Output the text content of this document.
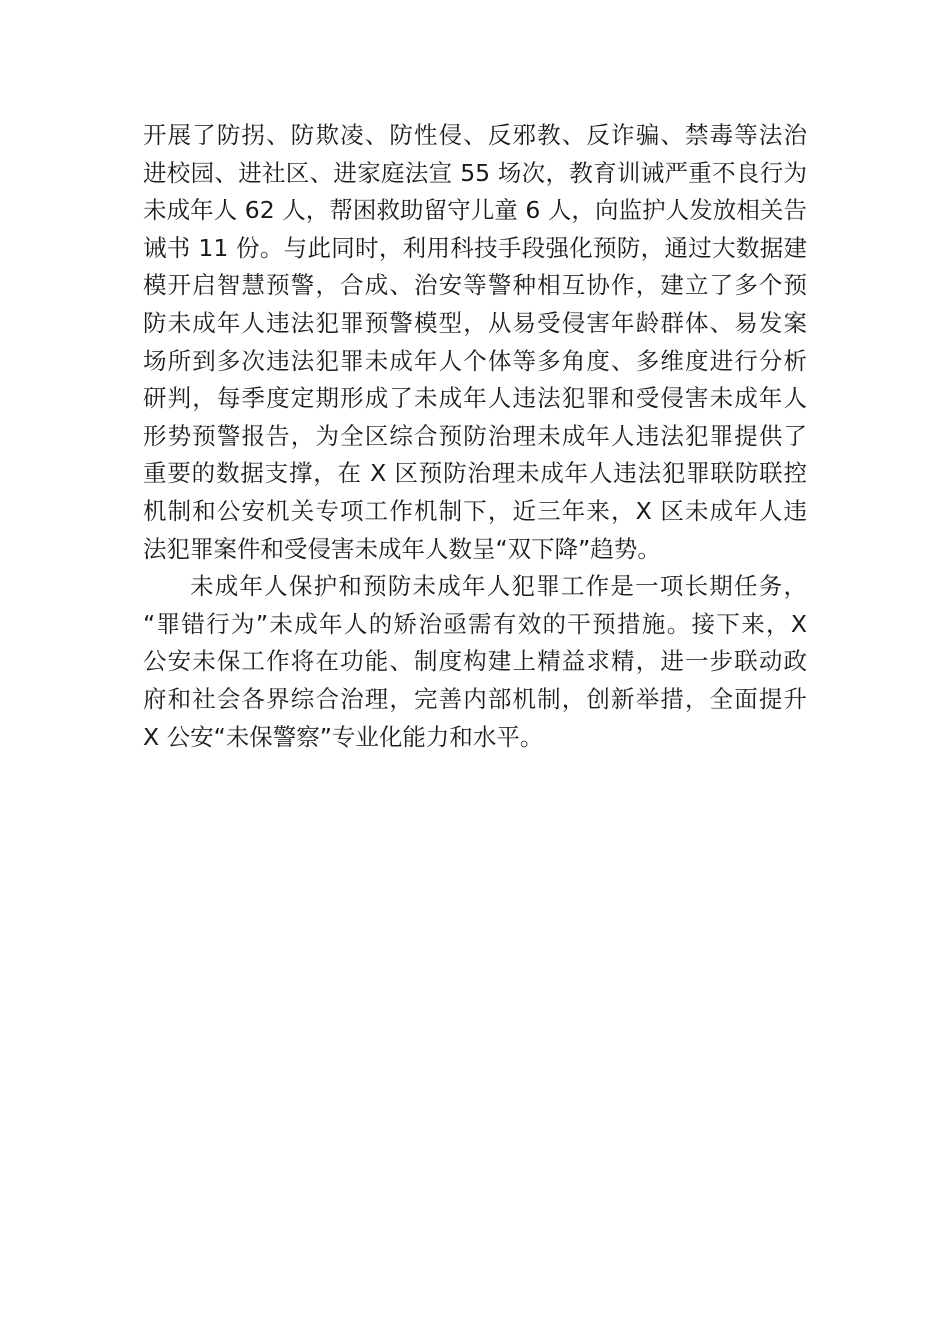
开展了防拐、防欺凌、防性侵、反邪教、反诈骗、禁毒等法治
进校园、进社区、进家庭法宣 55 场次，教育训诫严重不良行为
未成年人 62 人，帮困救助留守儿童 6 人，向监护人发放相关告
诫书 11 份。与此同时，利用科技手段强化预防，通过大数据建
模开启智慧预警，合成、治安等警种相互协作，建立了多个预
防未成年人违法犯罪预警模型，从易受侵害年龄群体、易发案
场所到多次违法犯罪未成年人个体等多角度、多维度进行分析
研判，每季度定期形成了未成年人违法犯罪和受侵害未成年人
形势预警报告，为全区综合预防治理未成年人违法犯罪提供了
重要的数据支撑，在 X 区预防治理未成年人违法犯罪联防联控
机制和公安机关专项工作机制下，近三年来，X 区未成年人违
法犯罪案件和受侵害未成年人数呈“双下降”趋势。
未成年人保护和预防未成年人犯罪工作是一项长期任务，
“罪错行为”未成年人的矫治亟需有效的干预措施。接下来，X
公安未保工作将在功能、制度构建上精益求精，进一步联动政
府和社会各界综合治理，完善内部机制，创新举措，全面提升
X 公安“未保警察”专业化能力和水平。
